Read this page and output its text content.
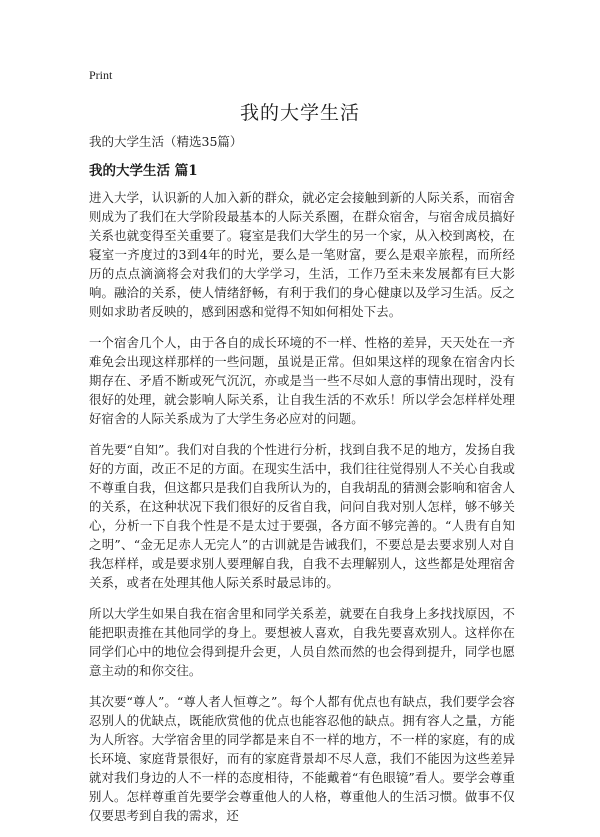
Print
我的大学生活
我的大学生活（精选35篇）
我的大学生活 篇1

进入大学，认识新的人加入新的群众，就必定会接触到新的人际关系，而宿舍则成为了我们在大学阶段最基本的人际关系圈，在群众宿舍，与宿舍成员搞好关系也就变得至关重要了。寝室是我们大学生的另一个家，从入校到离校，在寝室一齐度过的3到4年的时光，要么是一笔财富，要么是艰辛旅程，而所经历的点点滴滴将会对我们的大学学习，生活，工作乃至未来发展都有巨大影响。融洽的关系，使人情绪舒畅，有利于我们的身心健康以及学习生活。反之则如求助者反映的，感到困惑和觉得不知如何相处下去。

一个宿舍几个人，由于各自的成长环境的不一样、性格的差异，天天处在一齐难免会出现这样那样的一些问题，虽说是正常。但如果这样的现象在宿舍内长期存在、矛盾不断或死气沉沉，亦或是当一些不尽如人意的事情出现时，没有很好的处理，就会影响人际关系，让自我生活的不欢乐！所以学会怎样样处理好宿舍的人际关系成为了大学生务必应对的问题。

首先要“自知”。我们对自我的个性进行分析，找到自我不足的地方，发扬自我好的方面，改正不足的方面。在现实生活中，我们往往觉得别人不关心自我或不尊重自我，但这都只是我们自我所认为的，自我胡乱的猜测会影响和宿舍人的关系，在这种状况下我们很好的反省自我，问问自我对别人怎样，够不够关心，分析一下自我个性是不是太过于要强，各方面不够完善的。“人贵有自知之明”、“金无足赤人无完人”的古训就是告诫我们，不要总是去要求别人对自我怎样样，或是要求别人要理解自我，自我不去理解别人，这些都是处理宿舍关系，或者在处理其他人际关系时最忌讳的。

所以大学生如果自我在宿舍里和同学关系差，就要在自我身上多找找原因，不能把职责推在其他同学的身上。要想被人喜欢，自我先要喜欢别人。这样你在同学们心中的地位会得到提升会更，人员自然而然的也会得到提升，同学也愿意主动的和你交往。

其次要“尊人”。“尊人者人恒尊之”。每个人都有优点也有缺点，我们要学会容忍别人的优缺点，既能欣赏他的优点也能容忍他的缺点。拥有容人之量，方能为人所容。大学宿舍里的同学都是来自不一样的地方，不一样的家庭，有的成长环境、家庭背景很好，而有的家庭背景却不尽人意，我们不能因为这些差异就对我们身边的人不一样的态度相待，不能戴着“有色眼镜”看人。要学会尊重别人。怎样尊重首先要学会尊重他人的人格，尊重他人的生活习惯。做事不仅仅要思考到自我的需求，还
